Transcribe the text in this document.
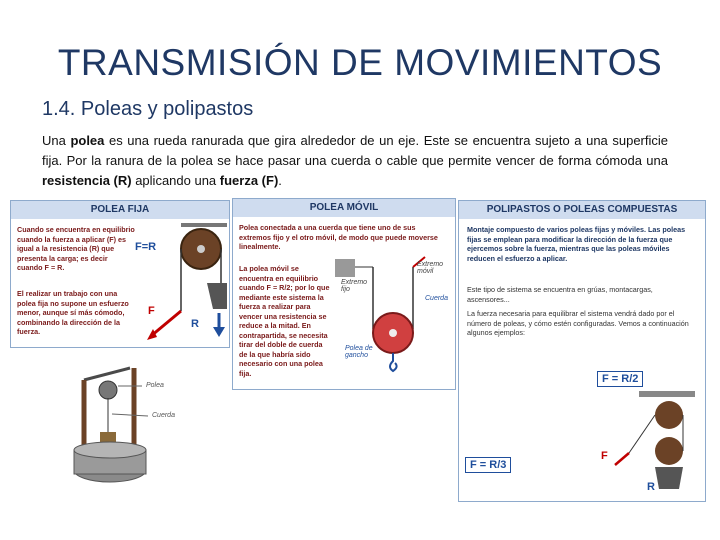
TRANSMISIÓN DE MOVIMIENTOS
1.4. Poleas y polipastos
Una polea es una rueda ranurada que gira alrededor de un eje. Este se encuentra sujeto a una superficie fija. Por la ranura de la polea se hace pasar una cuerda o cable que permite vencer de forma cómoda una resistencia (R) aplicando una fuerza (F).
POLEA FIJA
Cuando se encuentra en equilibrio cuando la fuerza a aplicar (F) es igual a la resistencia (R) que presenta la carga; es decir cuando F = R.
El realizar un trabajo con una polea fija no supone un esfuerzo menor, aunque sí más cómodo, combinando la dirección de la fuerza.
F=R
F
R
Polea
Cuerda
POLEA MÓVIL
Polea conectada a una cuerda que tiene uno de sus extremos fijo y el otro móvil, de modo que puede moverse linealmente.
La polea móvil se encuentra en equilibrio cuando F = R/2; por lo que mediante este sistema la fuerza a realizar para vencer una resistencia se reduce a la mitad. En contrapartida, se necesita tirar del doble de cuerda de la que habría sido necesario con una polea fija.
Extremo móvil
Extremo fijo
Cuerda
Polea de gancho
POLIPASTOS O POLEAS COMPUESTAS
Montaje compuesto de varios poleas fijas y móviles. Las poleas fijas se emplean para modificar la dirección de la fuerza que ejercemos sobre la fuerza, mientras que las poleas móviles reducen el esfuerzo a aplicar.
Este tipo de sistema se encuentra en grúas, montacargas, ascensores...
La fuerza necesaria para equilibrar el sistema vendrá dado por el número de poleas, y cómo estén configuradas. Vemos a continuación algunos ejemplos:
F = R/2
F = R/3
F
R
